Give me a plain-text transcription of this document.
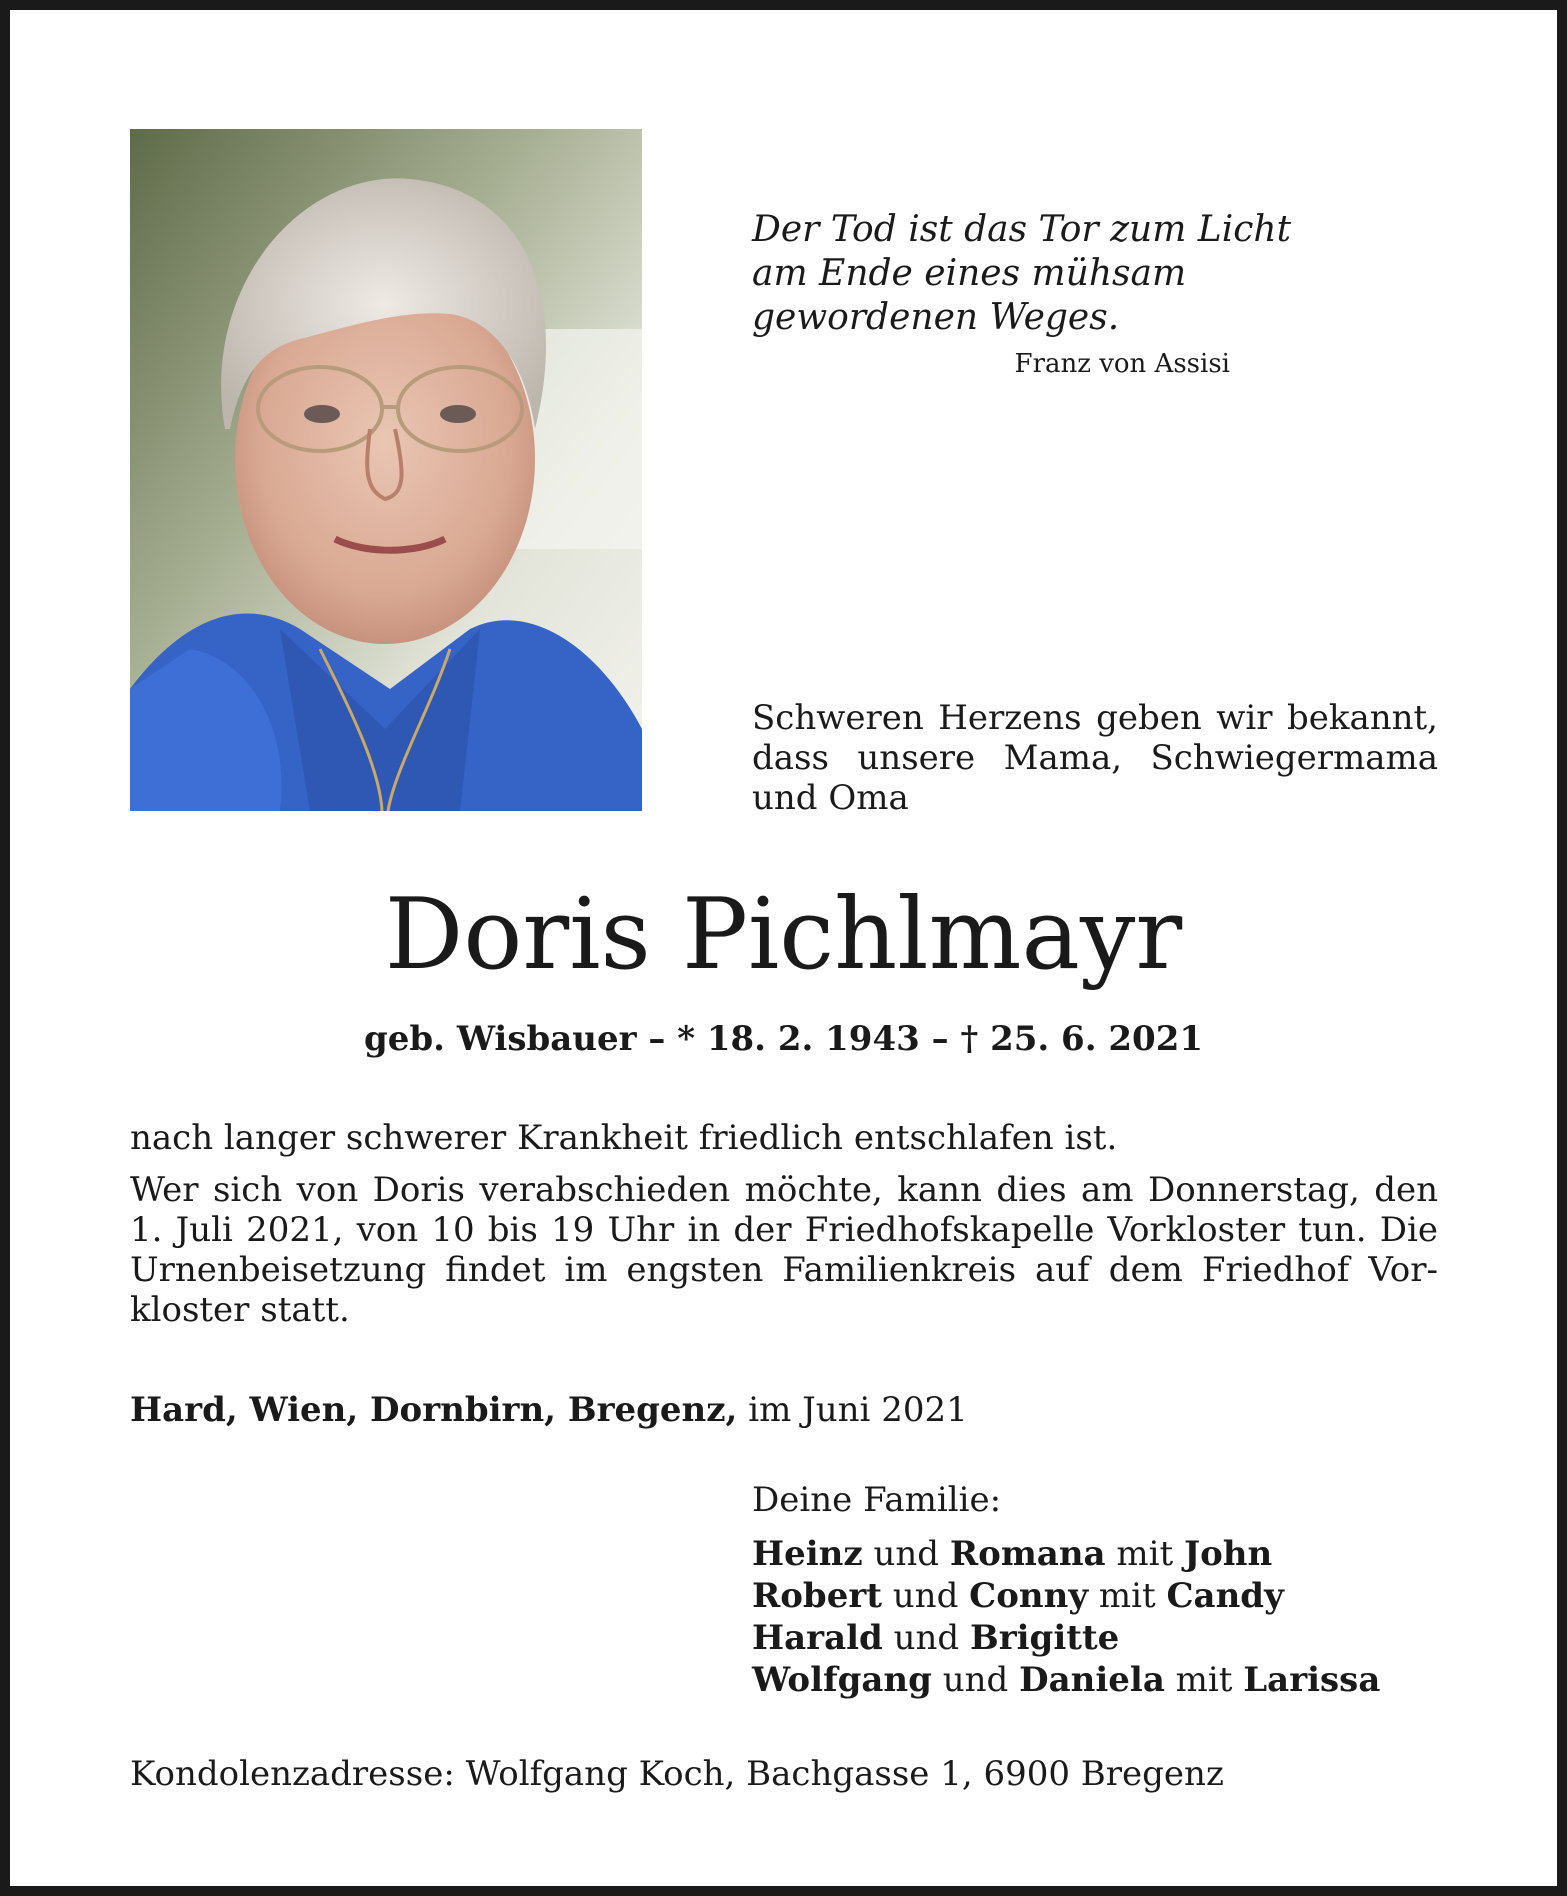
Der Tod ist das Tor zum Licht
am Ende eines mühsam
gewordenen Weges.
Franz von Assisi
Schweren Herzens geben wir bekannt,
dass unsere Mama, Schwiegermama
und Oma
Doris Pichlmayr
geb. Wisbauer – * 18. 2. 1943 – † 25. 6. 2021
nach langer schwerer Krankheit friedlich entschlafen ist.
Wer sich von Doris verabschieden möchte, kann dies am Donnerstag, den
1. Juli 2021, von 10 bis 19 Uhr in der Friedhofskapelle Vorkloster tun. Die
Urnenbeisetzung findet im engsten Familienkreis auf dem Friedhof Vor-
kloster statt.
Hard, Wien, Dornbirn, Bregenz, im Juni 2021
Deine Familie:
Heinz und Romana mit John
Robert und Conny mit Candy
Harald und Brigitte
Wolfgang und Daniela mit Larissa
Kondolenzadresse: Wolfgang Koch, Bachgasse 1, 6900 Bregenz
